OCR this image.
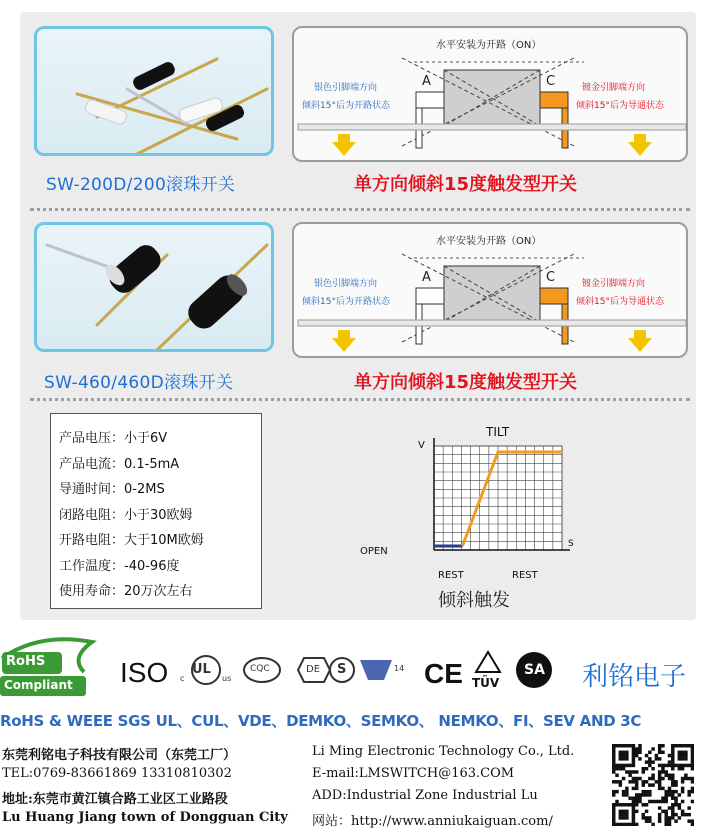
SW-200D/200滚珠开关
水平安装为开路（ON）
银色引脚端方向
倾斜15°后为开路状态
镀金引脚端方向
倾斜15°后为导通状态
A	C
单方向倾斜15度触发型开关
SW-460/460D滚珠开关
水平安装为开路（ON）
银色引脚端方向
倾斜15°后为开路状态
镀金引脚端方向
倾斜15°后为导通状态
A	C
单方向倾斜15度触发型开关
产品电压：小于6V
产品电流：0.1-5mA
导通时间：0-2MS
闭路电阻：小于30欧姆
开路电阻：大于10M欧姆
工作温度：-40-96度
使用寿命：20万次左右
TILT
OPEN
REST	REST
V
S
倾斜触发
ISO	CE
RoHS
Compliant
UL
c	us
CQC	DE S	14
TÜV
SA 利铭电子
RoHS & WEEE SGS UL、CUL、VDE、DEMKO、SEMKO、 NEMKO、FI、SEV AND 3C
东莞利铭电子科技有限公司（东莞工厂）
TEL:0769-83661869 13310810302
地址:东莞市黄江镇合路工业区工业路段
Lu Huang Jiang town of Dongguan City
Li Ming Electronic Technology Co., Ltd.
E-mail:LMSWITCH@163.COM
ADD:Industrial Zone Industrial Lu
网站：http://www.anniukaiguan.com/
